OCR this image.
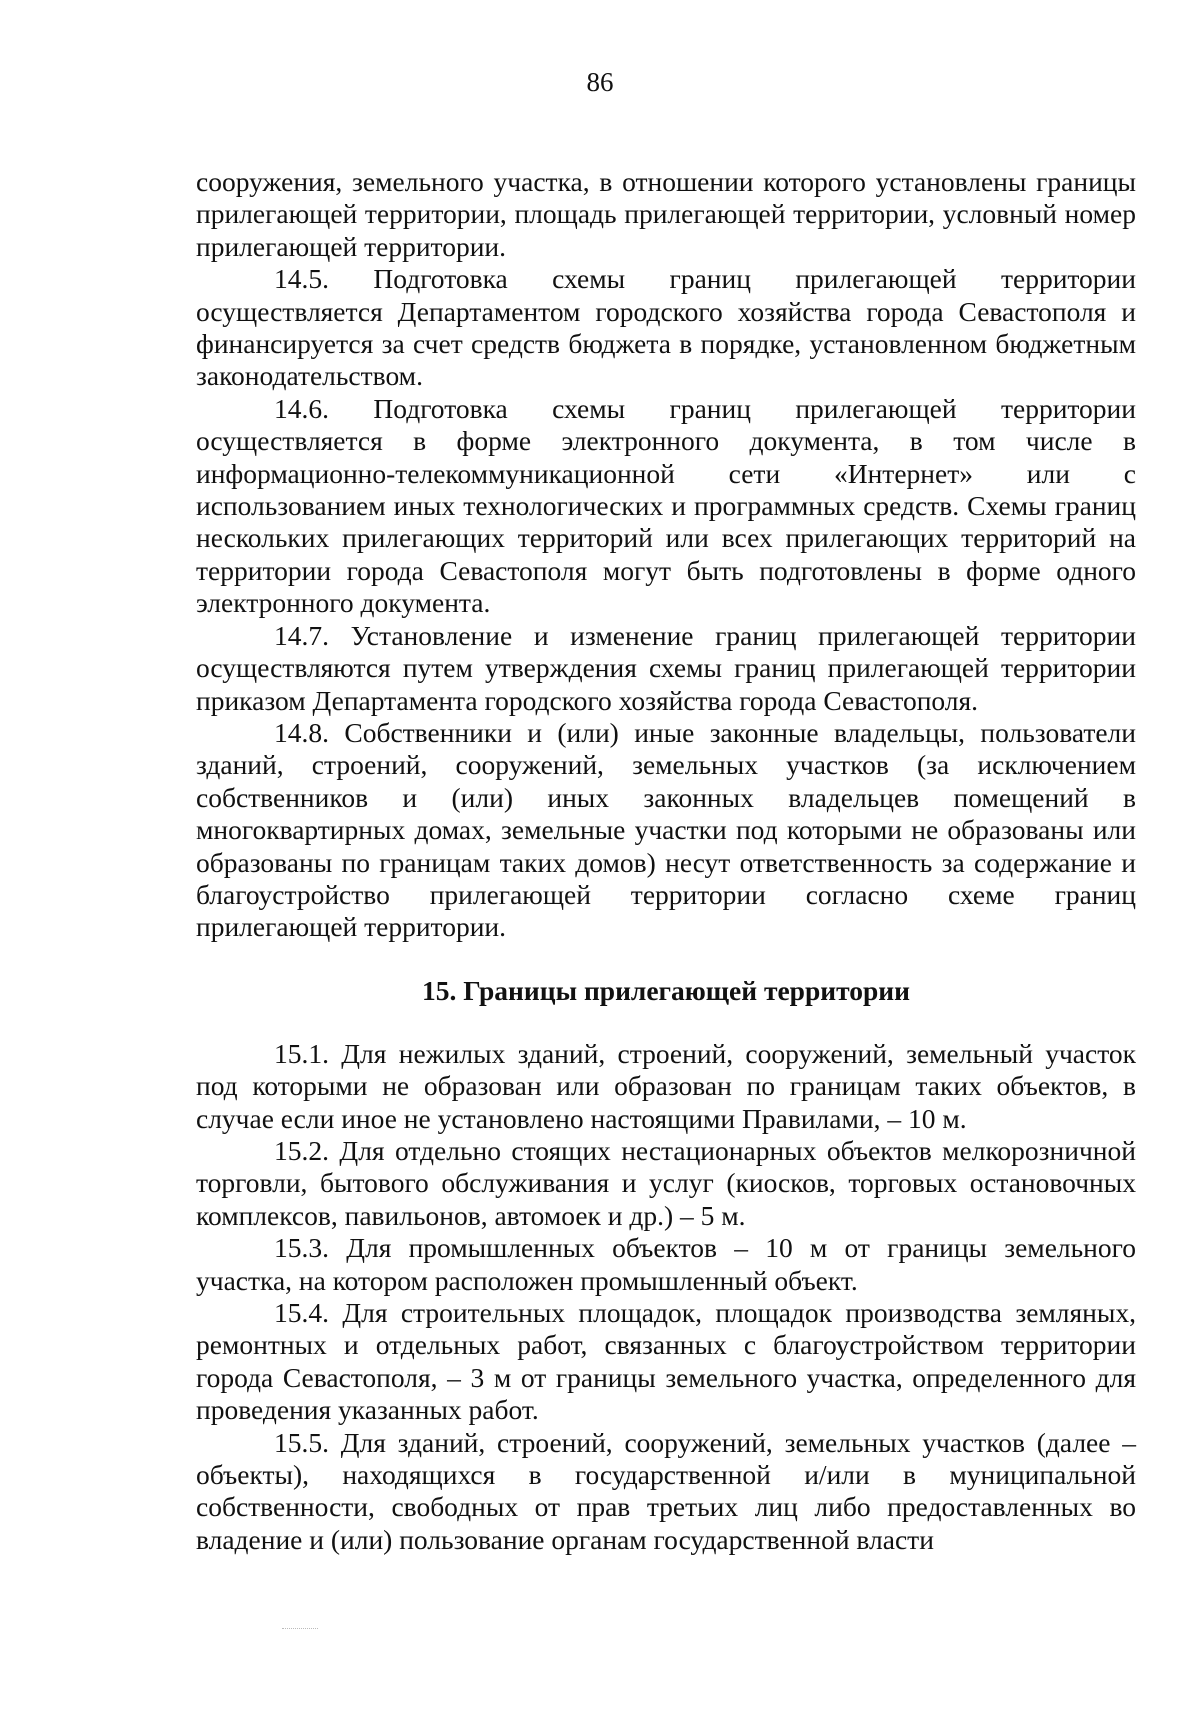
86

сооружения, земельного участка, в отношении которого установлены границы прилегающей территории, площадь прилегающей территории, условный номер прилегающей территории.

14.5. Подготовка схемы границ прилегающей территории осуществляется Департаментом городского хозяйства города Севастополя и финансируется за счет средств бюджета в порядке, установленном бюджетным законодательством.

14.6. Подготовка схемы границ прилегающей территории осуществляется в форме электронного документа, в том числе в информационно-телекоммуникационной сети «Интернет» или с использованием иных технологических и программных средств. Схемы границ нескольких прилегающих территорий или всех прилегающих территорий на территории города Севастополя могут быть подготовлены в форме одного электронного документа.

14.7. Установление и изменение границ прилегающей территории осуществляются путем утверждения схемы границ прилегающей территории приказом Департамента городского хозяйства города Севастополя.

14.8. Собственники и (или) иные законные владельцы, пользователи зданий, строений, сооружений, земельных участков (за исключением собственников и (или) иных законных владельцев помещений в многоквартирных домах, земельные участки под которыми не образованы или образованы по границам таких домов) несут ответственность за содержание и благоустройство прилегающей территории согласно схеме границ прилегающей территории.

15. Границы прилегающей территории

15.1. Для нежилых зданий, строений, сооружений, земельный участок под которыми не образован или образован по границам таких объектов, в случае если иное не установлено настоящими Правилами, – 10 м.

15.2. Для отдельно стоящих нестационарных объектов мелкорозничной торговли, бытового обслуживания и услуг (киосков, торговых остановочных комплексов, павильонов, автомоек и др.) – 5 м.

15.3. Для промышленных объектов – 10 м от границы земельного участка, на котором расположен промышленный объект.

15.4. Для строительных площадок, площадок производства земляных, ремонтных и отдельных работ, связанных с благоустройством территории города Севастополя, – 3 м от границы земельного участка, определенного для проведения указанных работ.

15.5. Для зданий, строений, сооружений, земельных участков (далее – объекты), находящихся в государственной и/или в муниципальной собственности, свободных от прав третьих лиц либо предоставленных во владение и (или) пользование органам государственной власти
